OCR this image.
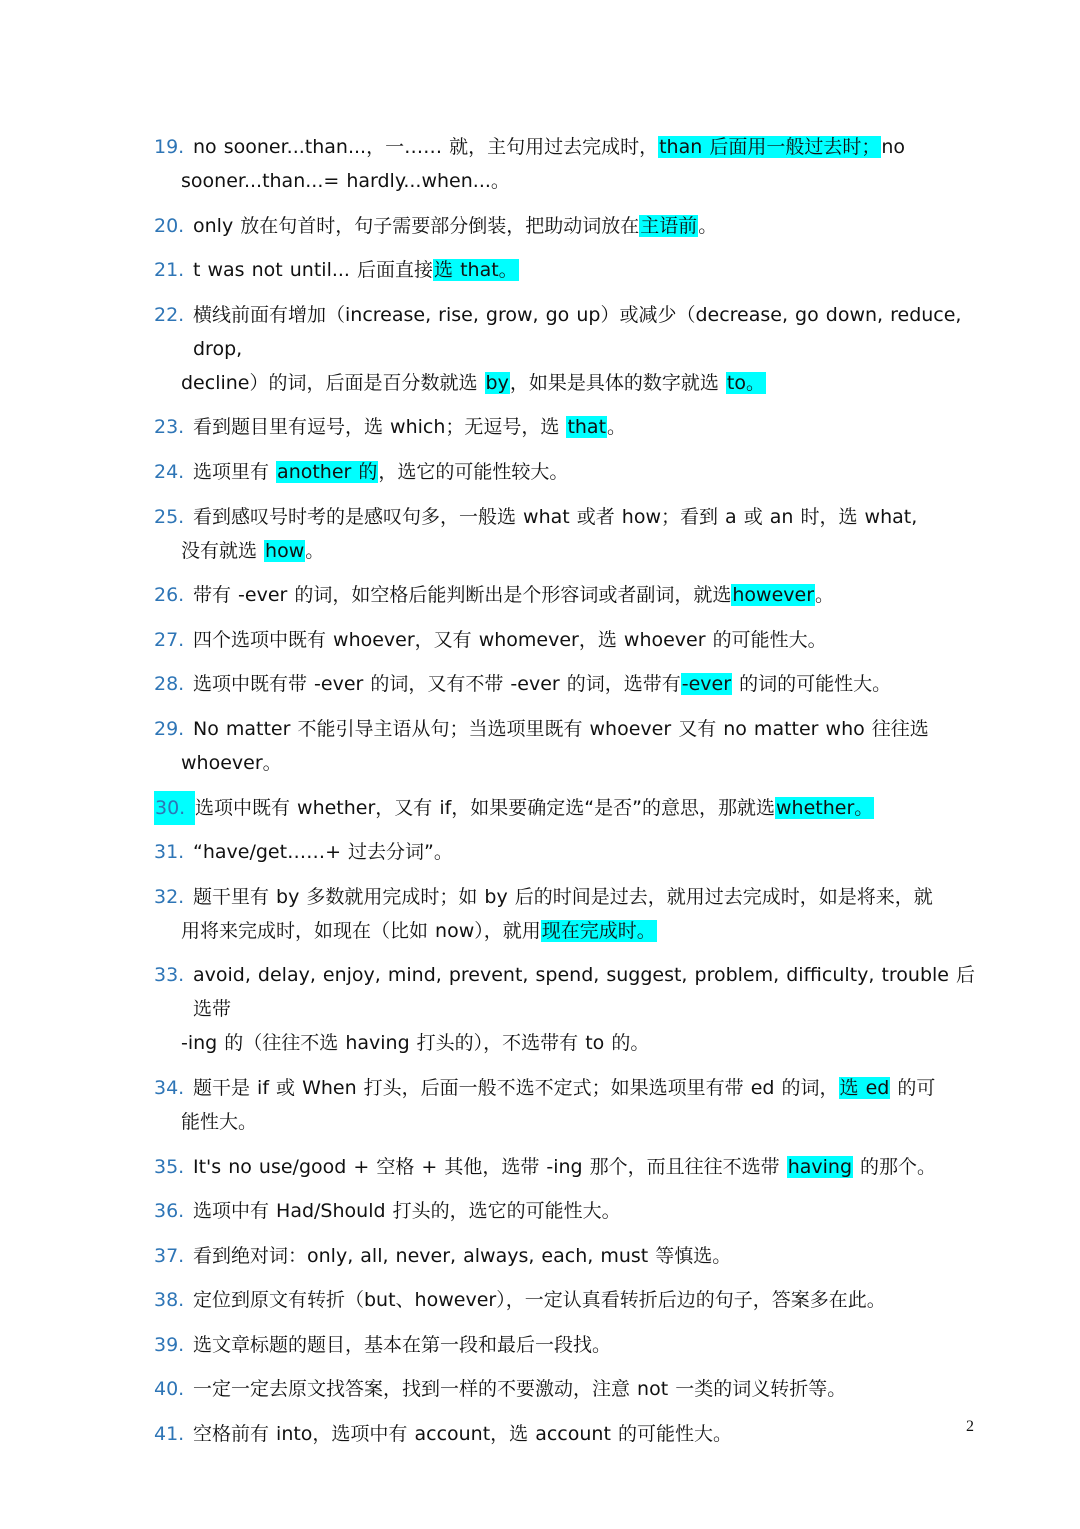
19. no sooner...than...，一…… 就，主句用过去完成时，than 后面用一般过去时；no
sooner...than...= hardly...when...。
20. only 放在句首时，句子需要部分倒装，把助动词放在主语前。
21. t was not until... 后面直接选 that。
22. 横线前面有增加（increase, rise, grow, go up）或减少（decrease, go down, reduce, drop,
decline）的词，后面是百分数就选 by，如果是具体的数字就选 to。
23. 看到题目里有逗号，选 which；无逗号，选 that。
24. 选项里有 another 的，选它的可能性较大。
25. 看到感叹号时考的是感叹句多，一般选 what 或者 how；看到 a 或 an 时，选 what,
没有就选 how。
26. 带有 -ever 的词，如空格后能判断出是个形容词或者副词，就选however。
27. 四个选项中既有 whoever，又有 whomever，选 whoever 的可能性大。
28. 选项中既有带 -ever 的词，又有不带 -ever 的词，选带有-ever 的词的可能性大。
29. No matter 不能引导主语从句；当选项里既有 whoever 又有 no matter who 往往选
whoever。
30. 选项中既有 whether，又有 if，如果要确定选“是否”的意思，那就选whether。
31. “have/get……+ 过去分词”。
32. 题干里有 by 多数就用完成时；如 by 后的时间是过去，就用过去完成时，如是将来，就
用将来完成时，如现在（比如 now），就用现在完成时。
33. avoid, delay, enjoy, mind, prevent, spend, suggest, problem, difficulty, trouble 后选带
-ing 的（往往不选 having 打头的），不选带有 to 的。
34. 题干是 if 或 When 打头，后面一般不选不定式；如果选项里有带 ed 的词，选 ed 的可
能性大。
35. It's no use/good + 空格 + 其他，选带 -ing 那个，而且往往不选带 having 的那个。
36. 选项中有 Had/Should 打头的，选它的可能性大。
37. 看到绝对词：only, all, never, always, each, must 等慎选。
38. 定位到原文有转折（but、however），一定认真看转折后边的句子，答案多在此。
39. 选文章标题的题目，基本在第一段和最后一段找。
40. 一定一定去原文找答案，找到一样的不要激动，注意 not 一类的词义转折等。
41. 空格前有 into，选项中有 account，选 account 的可能性大。	2
